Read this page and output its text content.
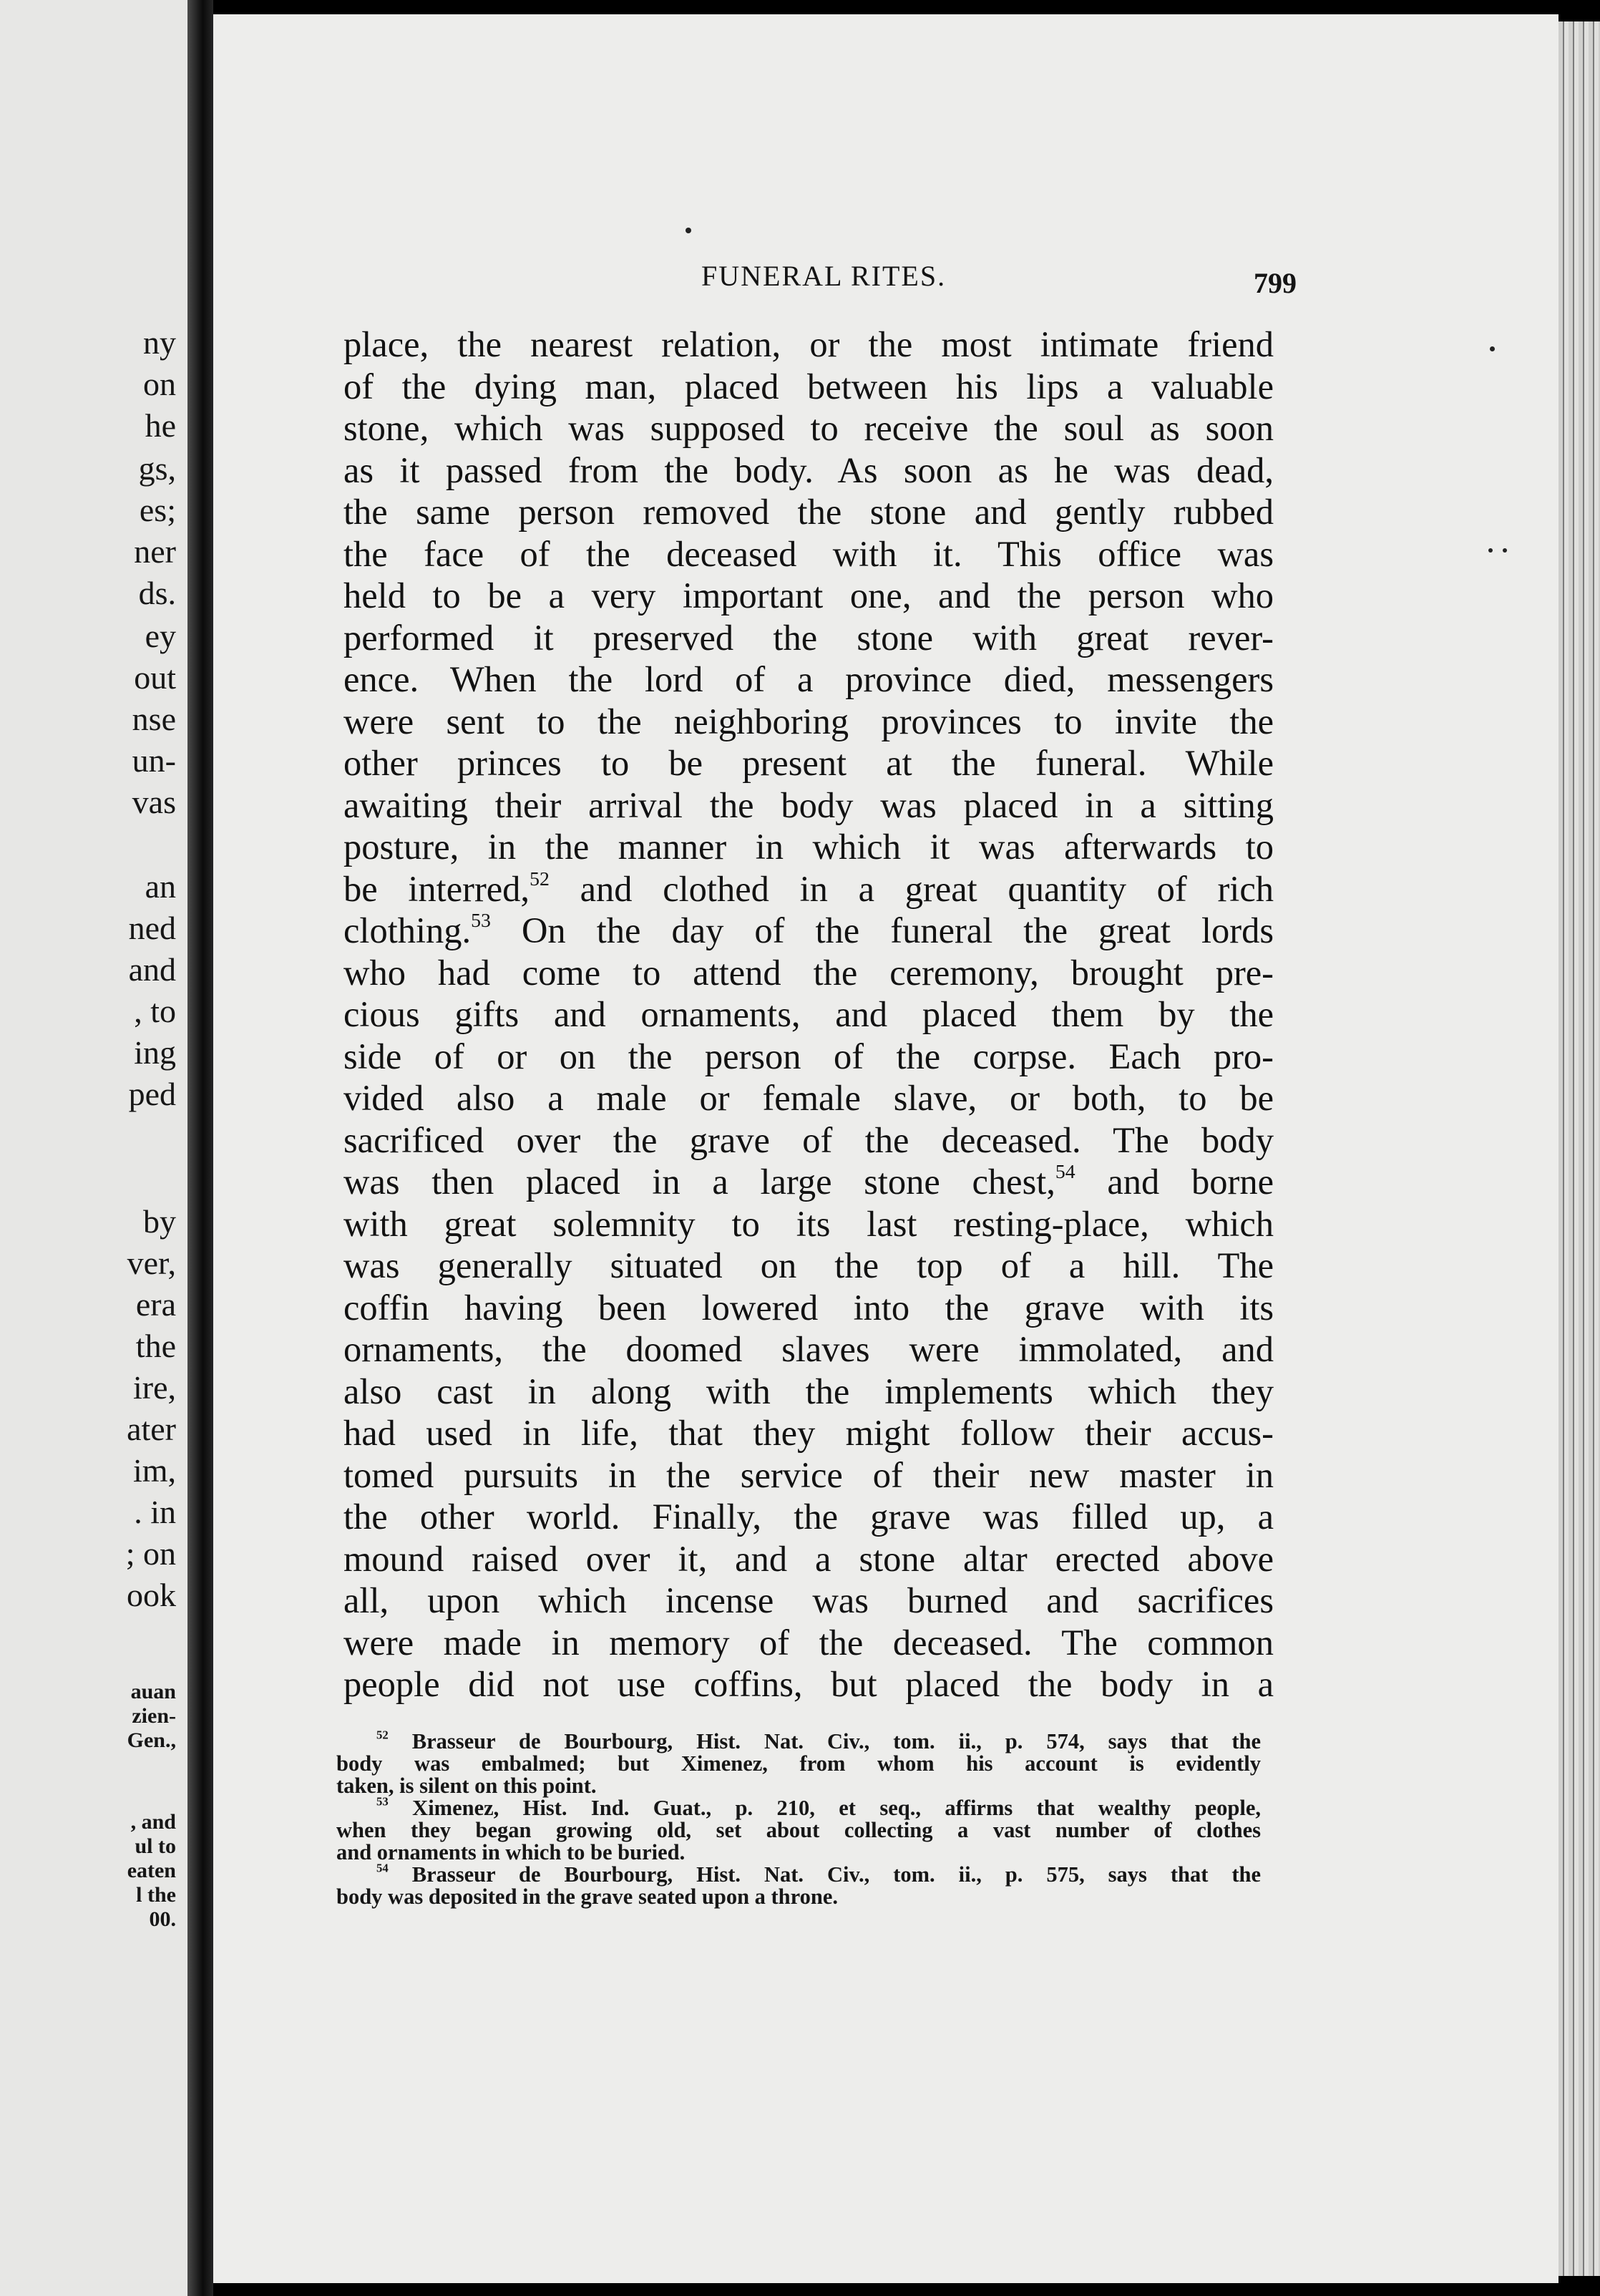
ny
on
he
gs,
es;
ner
ds.
ey
out
nse
un-
vas
an
ned
and
, to
ing
ped
by
ver,
era
the
ire,
ater
im,
. in
; on
ook
auan
zien-
Gen.,
, and
ul to
eaten
l the
00.
FUNERAL RITES.	799
place, the nearest relation, or the most intimate friend
of the dying man, placed between his lips a valuable
stone, which was supposed to receive the soul as soon
as it passed from the body. As soon as he was dead,
the same person removed the stone and gently rubbed
the face of the deceased with it. This office was
held to be a very important one, and the person who
performed it preserved the stone with great rever-
ence. When the lord of a province died, messengers
were sent to the neighboring provinces to invite the
other princes to be present at the funeral. While
awaiting their arrival the body was placed in a sitting
posture, in the manner in which it was afterwards to
be interred,$^{52}$ and clothed in a great quantity of rich
clothing.$^{53}$ On the day of the funeral the great lords
who had come to attend the ceremony, brought pre-
cious gifts and ornaments, and placed them by the
side of or on the person of the corpse. Each pro-
vided also a male or female slave, or both, to be
sacrificed over the grave of the deceased. The body
was then placed in a large stone chest,$^{54}$ and borne
with great solemnity to its last resting-place, which
was generally situated on the top of a hill. The
coffin having been lowered into the grave with its
ornaments, the doomed slaves were immolated, and
also cast in along with the implements which they
had used in life, that they might follow their accus-
tomed pursuits in the service of their new master in
the other world. Finally, the grave was filled up, a
mound raised over it, and a stone altar erected above
all, upon which incense was burned and sacrifices
were made in memory of the deceased. The common
people did not use coffins, but placed the body in a
$^{52}$ Brasseur de Bourbourg, Hist. Nat. Civ., tom. ii., p. 574, says that the
body was embalmed; but Ximenez, from whom his account is evidently
taken, is silent on this point.
$^{53}$ Ximenez, Hist. Ind. Guat., p. 210, et seq., affirms that wealthy people,
when they began growing old, set about collecting a vast number of clothes
and ornaments in which to be buried.
$^{54}$ Brasseur de Bourbourg, Hist. Nat. Civ., tom. ii., p. 575, says that the
body was deposited in the grave seated upon a throne.
